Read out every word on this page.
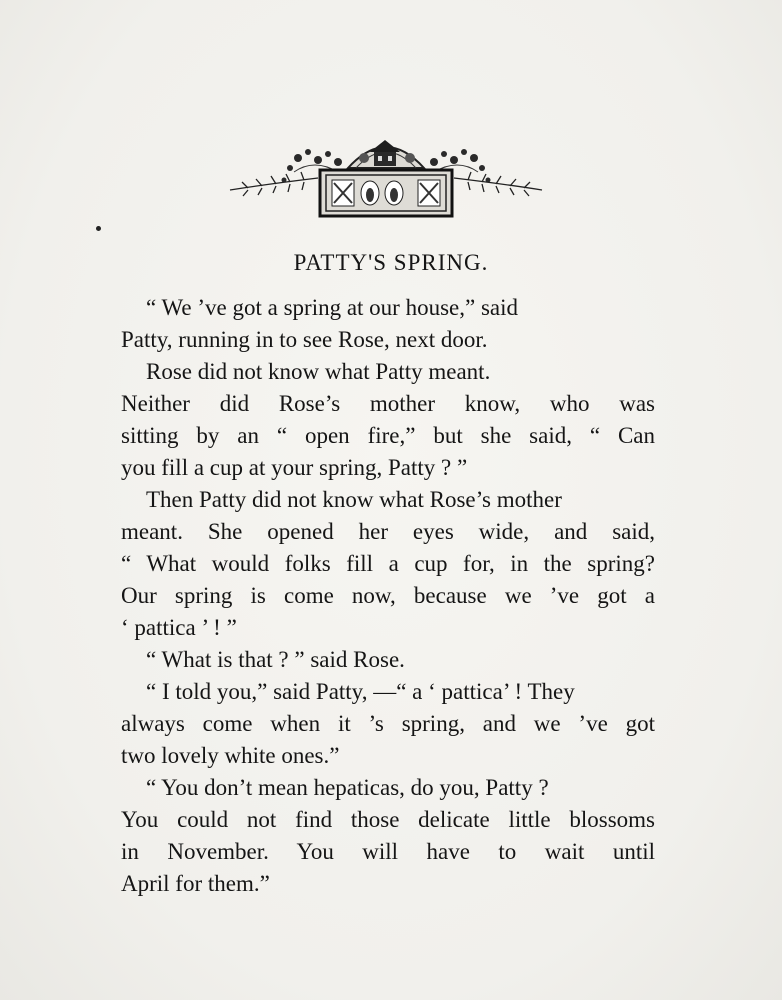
PATTY'S SPRING.
“ We ’ve got a spring at our house,” said
Patty, running in to see Rose, next door.
Rose did not know what Patty meant.
Neither did Rose’s mother know, who was
sitting by an “ open fire,” but she said, “ Can
you fill a cup at your spring, Patty ? ”
Then Patty did not know what Rose’s mother
meant. She opened her eyes wide, and said,
“ What would folks fill a cup for, in the spring?
Our spring is come now, because we ’ve got a
‘ pattica ’ ! ”
“ What is that ? ” said Rose.
“ I told you,” said Patty, —“ a ‘ pattica’ ! They
always come when it ’s spring, and we ’ve got
two lovely white ones.”
“ You don’t mean hepaticas, do you, Patty ?
You could not find those delicate little blossoms
in November. You will have to wait until
April for them.”
